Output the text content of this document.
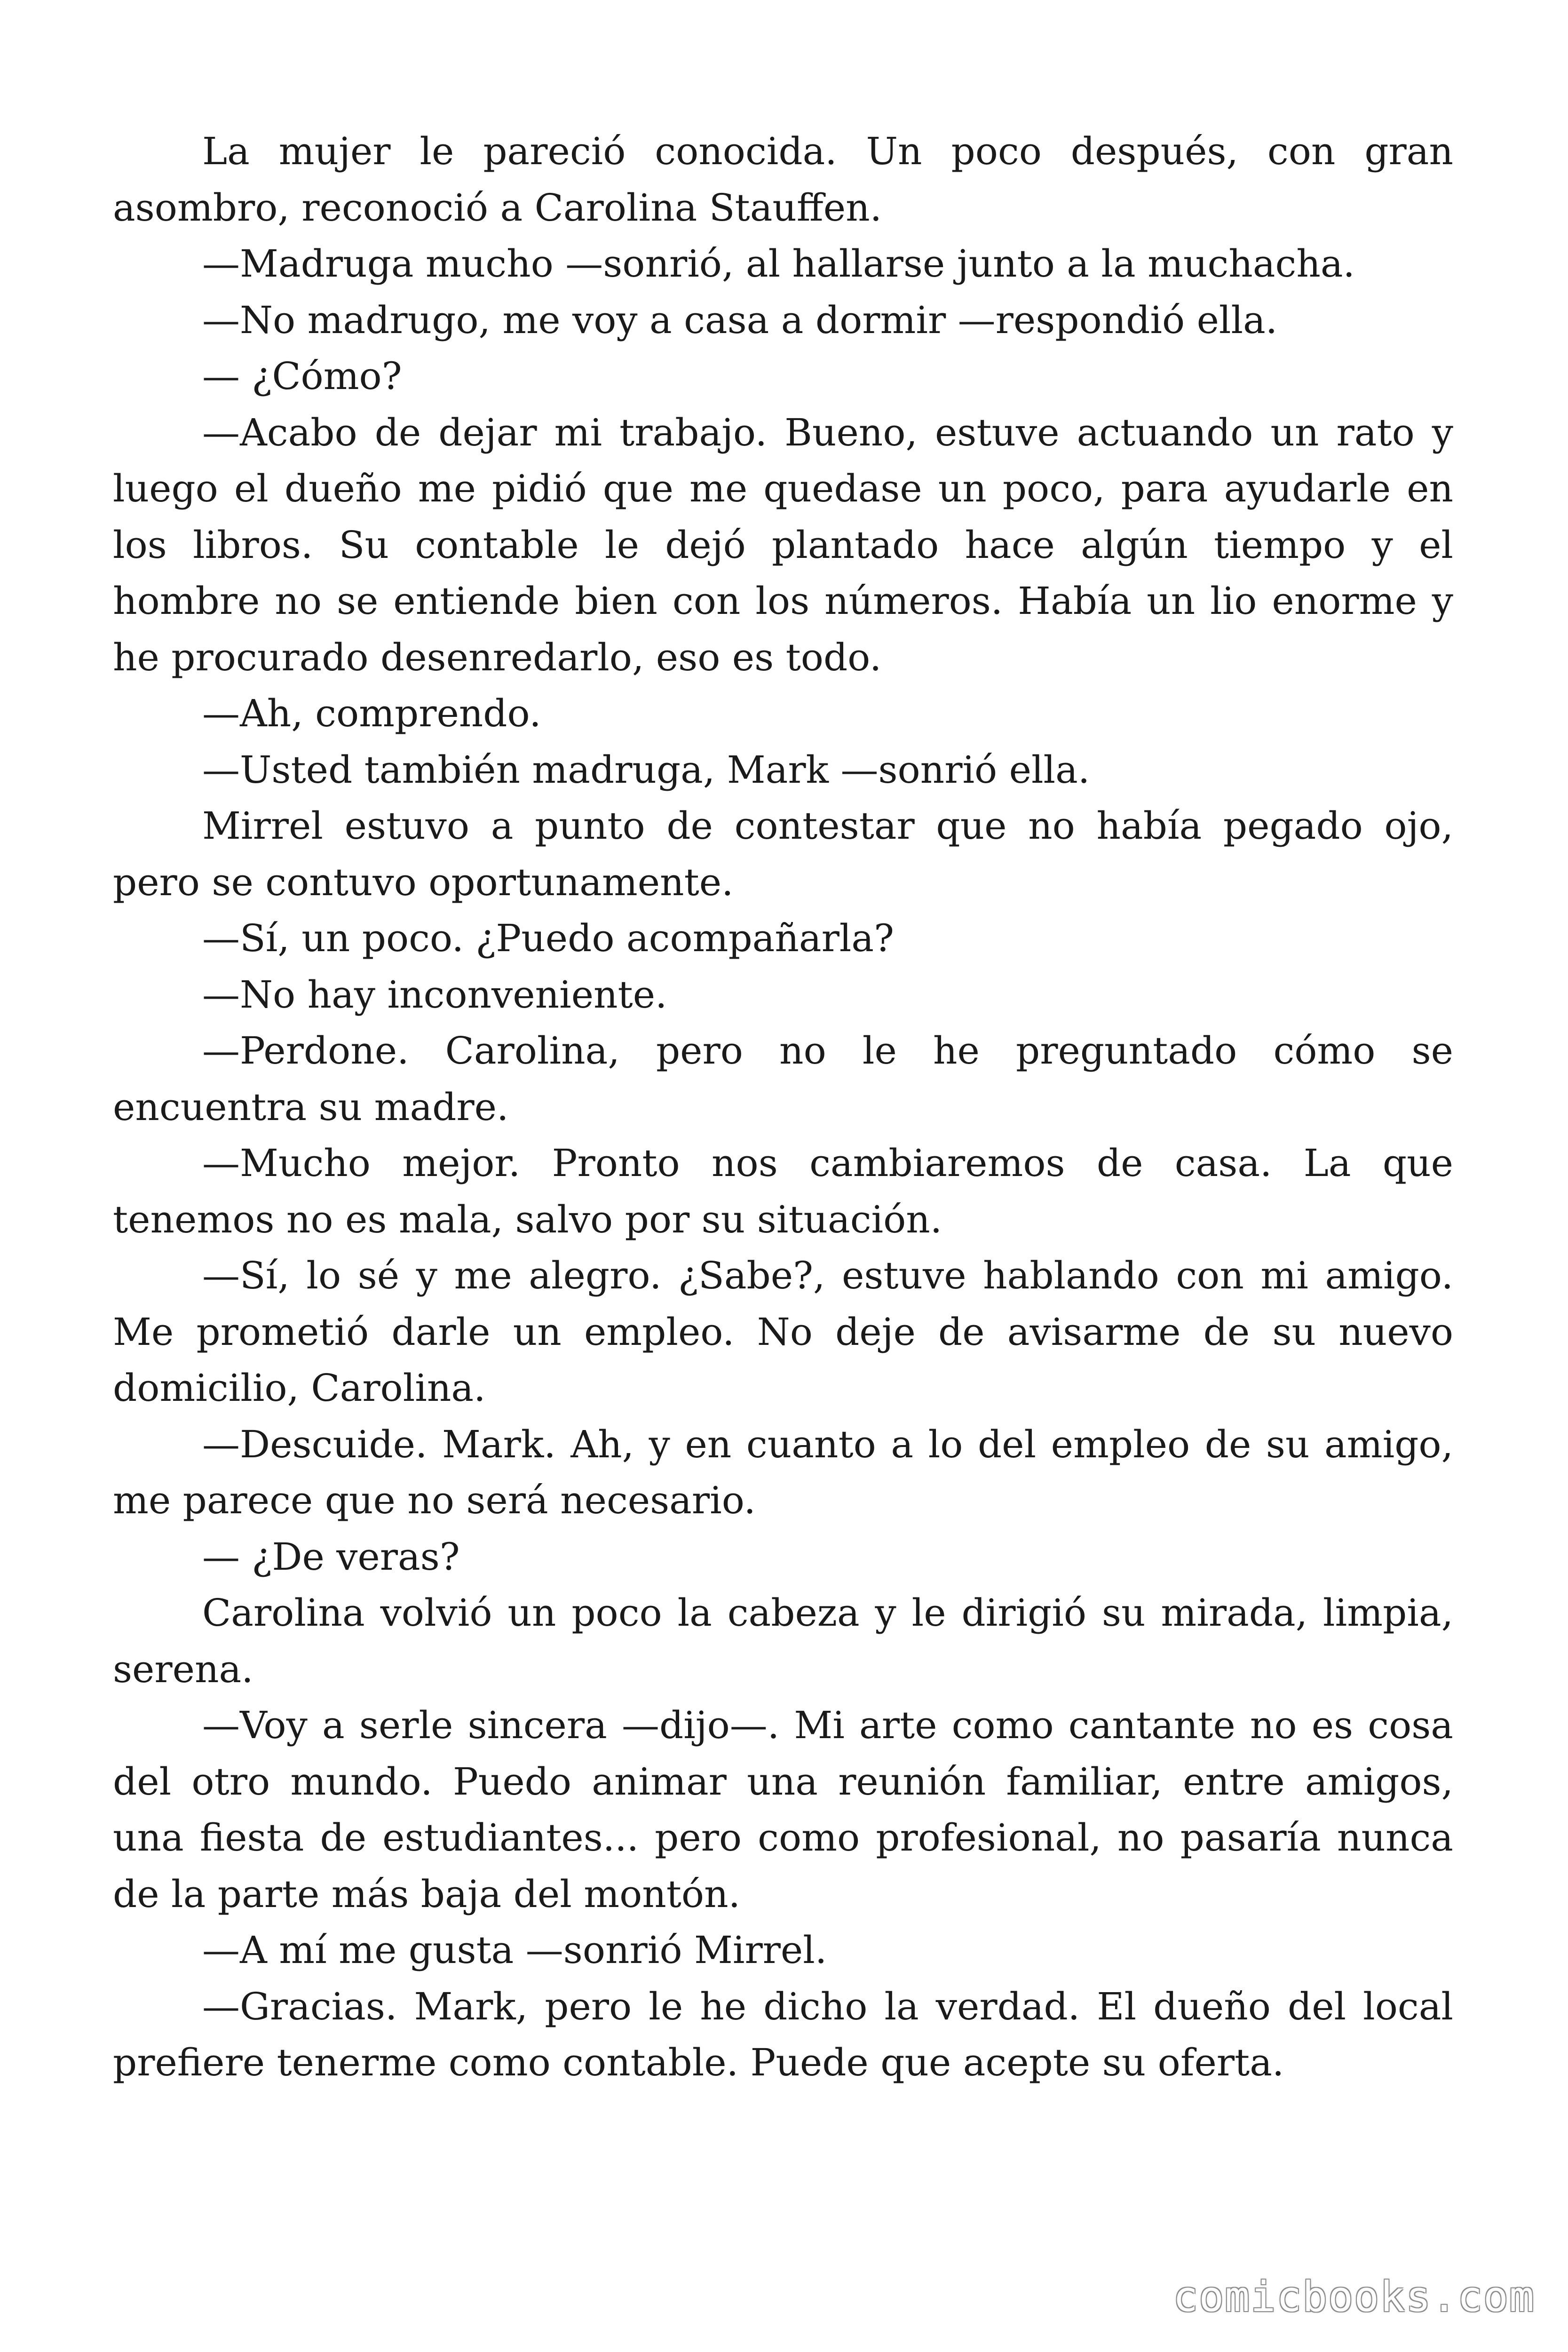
La mujer le pareció conocida. Un poco después, con gran asombro, reconoció a Carolina Stauffen.

—Madruga mucho —sonrió, al hallarse junto a la muchacha.

—No madrugo, me voy a casa a dormir —respondió ella.

— ¿Cómo?

—Acabo de dejar mi trabajo. Bueno, estuve actuando un rato y luego el dueño me pidió que me quedase un poco, para ayudarle en los libros. Su contable le dejó plantado hace algún tiempo y el hombre no se entiende bien con los números. Había un lio enorme y he procurado desenredarlo, eso es todo.

—Ah, comprendo.

—Usted también madruga, Mark —sonrió ella.

Mirrel estuvo a punto de contestar que no había pegado ojo, pero se contuvo oportunamente.

—Sí, un poco. ¿Puedo acompañarla?

—No hay inconveniente.

—Perdone. Carolina, pero no le he preguntado cómo se encuentra su madre.

—Mucho mejor. Pronto nos cambiaremos de casa. La que tenemos no es mala, salvo por su situación.

—Sí, lo sé y me alegro. ¿Sabe?, estuve hablando con mi amigo. Me prometió darle un empleo. No deje de avisarme de su nuevo domicilio, Carolina.

—Descuide. Mark. Ah, y en cuanto a lo del empleo de su amigo, me parece que no será necesario.

— ¿De veras?

Carolina volvió un poco la cabeza y le dirigió su mirada, limpia, serena.

—Voy a serle sincera —dijo—. Mi arte como cantante no es cosa del otro mundo. Puedo animar una reunión familiar, entre amigos, una fiesta de estudiantes... pero como profesional, no pasaría nunca de la parte más baja del montón.

—A mí me gusta —sonrió Mirrel.

—Gracias. Mark, pero le he dicho la verdad. El dueño del local prefiere tenerme como contable. Puede que acepte su oferta.

comicbooks.com
